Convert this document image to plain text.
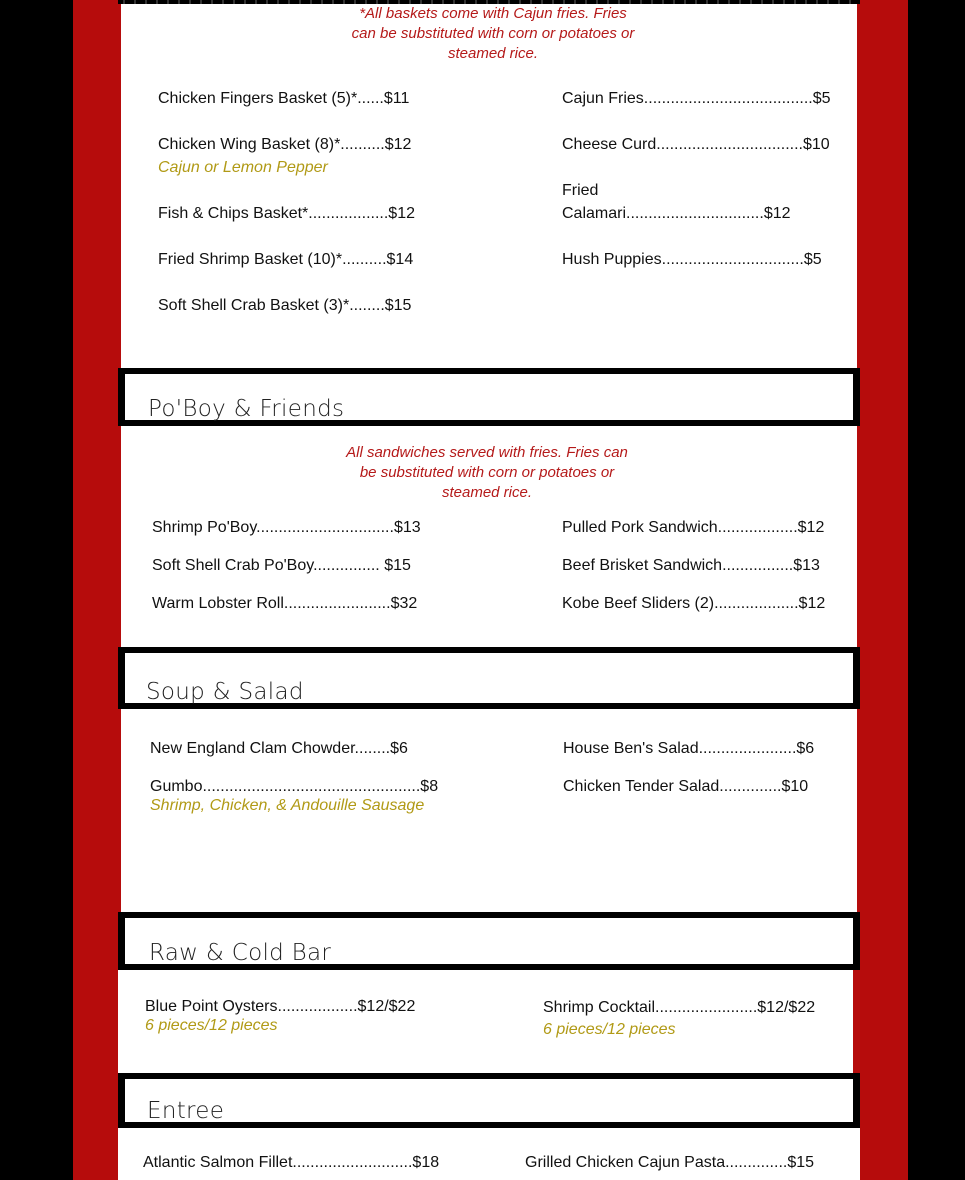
*All baskets come with Cajun fries. Fries
can be substituted with corn or potatoes or
steamed rice.
Chicken Fingers Basket (5)*......$11
Chicken Wing Basket (8)*..........$12
Cajun or Lemon Pepper
Fish & Chips Basket*..................$12
Fried Shrimp Basket (10)*..........$14
Soft Shell Crab Basket (3)*........$15
Cajun Fries......................................$5
Cheese Curd.................................$10
Fried
Calamari...............................$12
Hush Puppies................................$5
Po'Boy & Friends
All sandwiches served with fries. Fries can
be substituted with corn or potatoes or
steamed rice.
Shrimp Po'Boy...............................$13
Soft Shell Crab Po'Boy............... $15
Warm Lobster Roll........................$32
Pulled Pork Sandwich..................$12
Beef Brisket Sandwich................$13
Kobe Beef Sliders (2)...................$12
Soup & Salad
New England Clam Chowder........$6
Gumbo.................................................$8
Shrimp, Chicken, & Andouille Sausage
House Ben's Salad......................$6
Chicken Tender Salad..............$10
Raw & Cold Bar
Blue Point Oysters..................$12/$22
6 pieces/12 pieces
Shrimp Cocktail.......................$12/$22
6 pieces/12 pieces
Entree
Atlantic Salmon Fillet...........................$18	Grilled Chicken Cajun Pasta..............$15
